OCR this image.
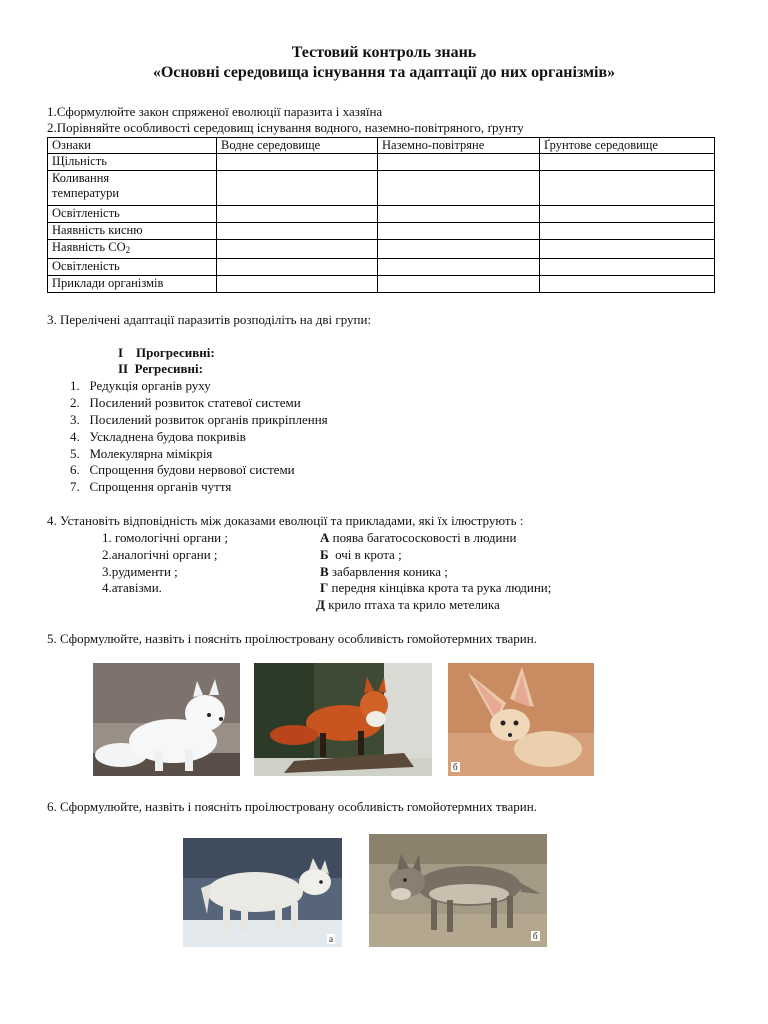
Тестовий контроль знань
«Основні середовища існування та адаптації до них організмів»
1.Сформулюйте закон спряженої еволюції паразита і хазяїна
2.Порівняйте особливості середовищ існування водного, наземно-повітряного, ґрунту
Ознаки	Водне середовище	Наземно-повітряне	Ґрунтове середовище
Щільність			
Коливання температури			
Освітленість			
Наявність кисню			
Наявність $CO_2$			
Освітленість			
Приклади організмів			
3. Перелічені адаптації паразитів розподіліть на дві групи:
I    Прогресивні:
II  Регресивні:
1.   Редукція органів руху
2.   Посилений розвиток статевої системи
3.   Посилений розвиток органів прикріплення
4.   Ускладнена будова покривів
5.   Молекулярна мімікрія
6.   Спрощення будови нервової системи
7.   Спрощення органів чуття
4. Установіть відповідність між доказами еволюції та прикладами, які їх ілюструють :
1. гомологічні органи ;
2.аналогічні органи ;
3.рудименти ;
4.атавізми.
А поява багатососковості в людини
Б  очі в крота ;
В забарвлення коника ;
Г передня кінцівка крота та рука людини;
Д крило птаха та крило метелика
5. Сформулюйте, назвіть і поясніть проілюстровану особливість гомойотермних тварин.
б
6. Сформулюйте, назвіть і поясніть проілюстровану особливість гомойотермних тварин.
а	б
